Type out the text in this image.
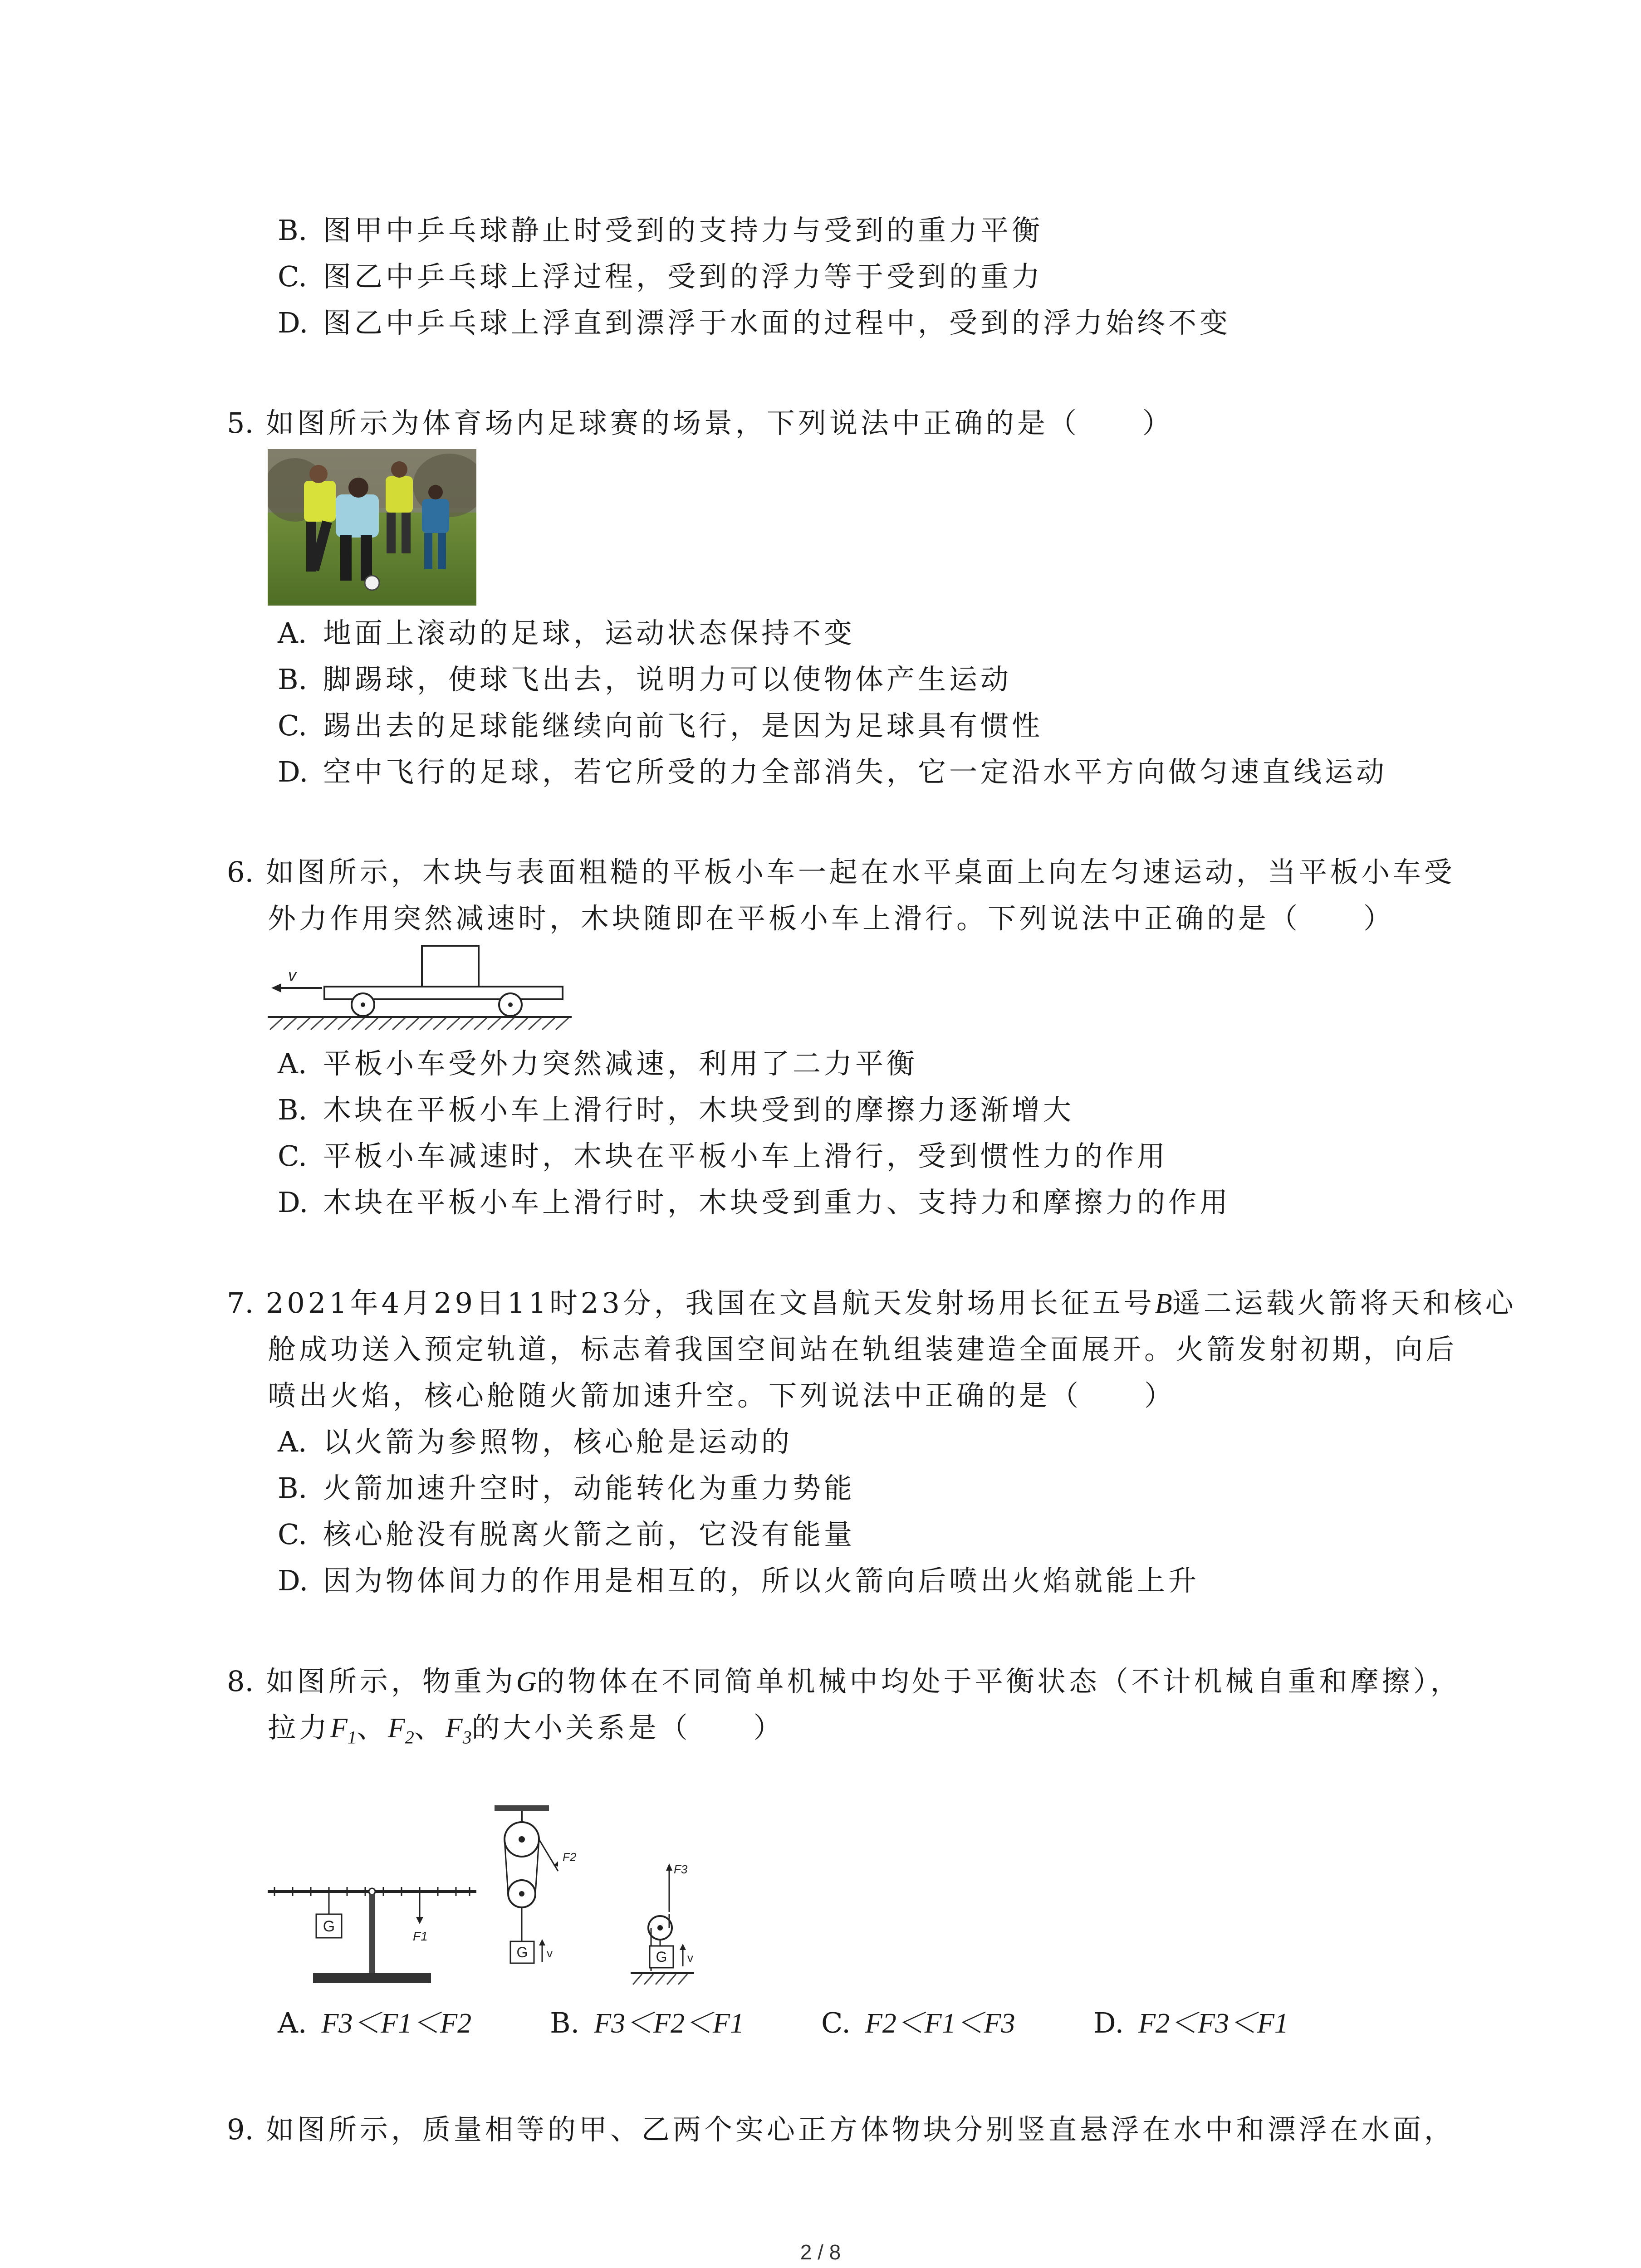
B. 图甲中乒乓球静止时受到的支持力与受到的重力平衡
C. 图乙中乒乓球上浮过程，受到的浮力等于受到的重力
D. 图乙中乒乓球上浮直到漂浮于水面的过程中，受到的浮力始终不变
5. 如图所示为体育场内足球赛的场景，下列说法中正确的是（　　）
A. 地面上滚动的足球，运动状态保持不变
B. 脚踢球，使球飞出去，说明力可以使物体产生运动
C. 踢出去的足球能继续向前飞行，是因为足球具有惯性
D. 空中飞行的足球，若它所受的力全部消失，它一定沿水平方向做匀速直线运动
6. 如图所示，木块与表面粗糙的平板小车一起在水平桌面上向左匀速运动，当平板小车受
外力作用突然减速时，木块随即在平板小车上滑行。下列说法中正确的是（　　）
v
A. 平板小车受外力突然减速，利用了二力平衡
B. 木块在平板小车上滑行时，木块受到的摩擦力逐渐增大
C. 平板小车减速时，木块在平板小车上滑行，受到惯性力的作用
D. 木块在平板小车上滑行时，木块受到重力、支持力和摩擦力的作用
7. 2021年4月29日11时23分，我国在文昌航天发射场用长征五号B遥二运载火箭将天和核心
舱成功送入预定轨道，标志着我国空间站在轨组装建造全面展开。火箭发射初期，向后
喷出火焰，核心舱随火箭加速升空。下列说法中正确的是（　　）
A. 以火箭为参照物，核心舱是运动的
B. 火箭加速升空时，动能转化为重力势能
C. 核心舱没有脱离火箭之前，它没有能量
D. 因为物体间力的作用是相互的，所以火箭向后喷出火焰就能上升
8. 如图所示，物重为G的物体在不同简单机械中均处于平衡状态（不计机械自重和摩擦），
拉力$F_1$、$F_2$、$F_3$的大小关系是（　　）
G
F1
F2
G v
F3
G v
A. F3＜F1＜F2	B. F3＜F2＜F1	C. F2＜F1＜F3	D. F2＜F3＜F1
9. 如图所示，质量相等的甲、乙两个实心正方体物块分别竖直悬浮在水中和漂浮在水面，
2 / 8
